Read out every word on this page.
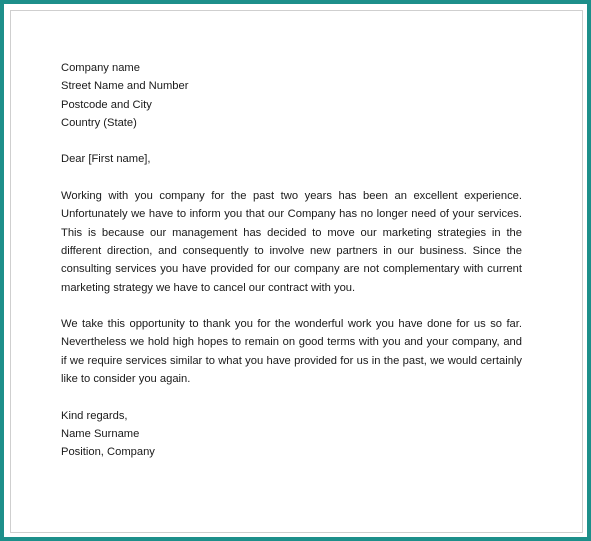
Company name
Street Name and Number
Postcode and City
Country (State)
Dear [First name],
Working with you company for the past two years has been an excellent experience. Unfortunately we have to inform you that our Company has no longer need of your services. This is because our management has decided to move our marketing strategies in the different direction, and consequently to involve new partners in our business. Since the consulting services you have provided for our company are not complementary with current marketing strategy we have to cancel our contract with you.
We take this opportunity to thank you for the wonderful work you have done for us so far. Nevertheless we hold high hopes to remain on good terms with you and your company, and if we require services similar to what you have provided for us in the past, we would certainly like to consider you again.
Kind regards,
Name Surname
Position, Company
